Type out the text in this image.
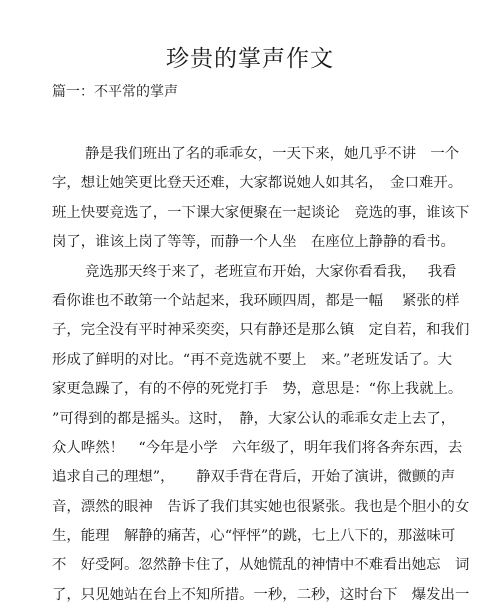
珍贵的掌声作文
篇一：不平常的掌声
静是我们班出了名的乖乖女，一天下来，她几乎不讲　一个
字，想让她笑更比登天还难，大家都说她人如其名，　金口难开。
班上快要竞选了，一下课大家便聚在一起谈论　竞选的事，谁该下
岗了，谁该上岗了等等，而静一个人坐　在座位上静静的看书。
竞选那天终于来了，老班宣布开始，大家你看看我，　 我看
看你谁也不敢第一个站起来，我环顾四周，都是一幅　 紧张的样
子，完全没有平时神采奕奕，只有静还是那么镇　定自若，和我们
形成了鲜明的对比。“再不竞选就不要上　来。”老班发话了。大
家更急躁了，有的不停的死党打手　势，意思是：“你上我就上。
”可得到的都是摇头。这时，　静，大家公认的乖乖女走上去了，
众人哗然！　“今年是小学　六年级了，明年我们将各奔东西，去
追求自己的理想”，　　静双手背在背后，开始了演讲，微颤的声
音，漂然的眼神　告诉了我们其实她也很紧张。我也是个胆小的女
生，能理　解静的痛苦，心“怦怦”的跳，七上八下的，那滋味可
不　好受阿。忽然静卡住了，从她慌乱的神情中不难看出她忘　词
了，只见她站在台上不知所措。一秒，二秒，这时台下　爆发出一
